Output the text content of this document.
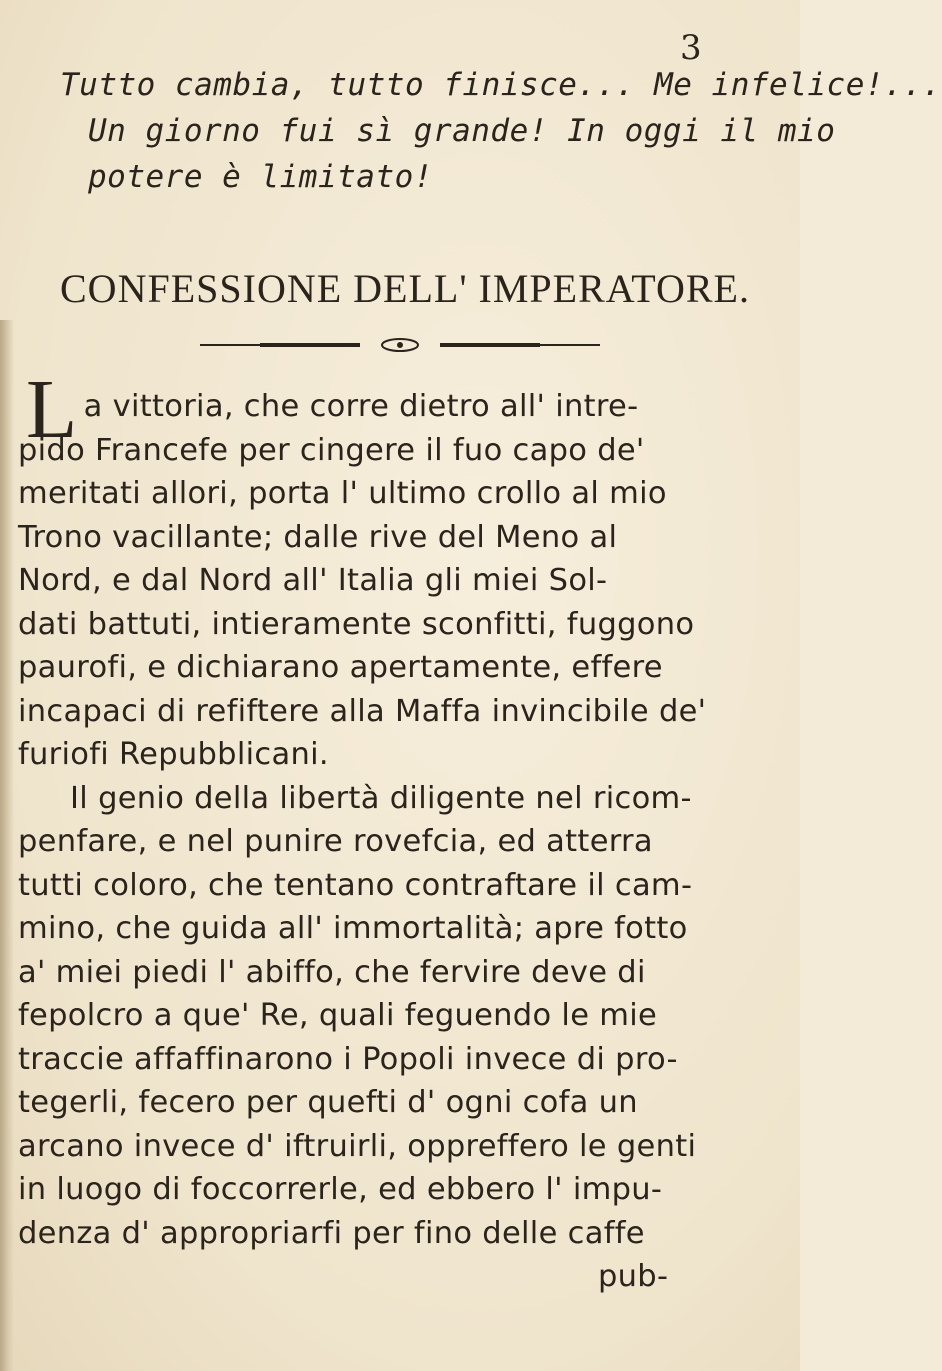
3
Tutto cambia, tutto finisce... Me infelice!...
Un giorno fui sì grande! In oggi il mio
potere è limitato!
CONFESSIONE DELL' IMPERATORE.
La vittoria, che corre dietro all' intre-
pido Francefe per cingere il fuo capo de'
meritati allori, porta l' ultimo crollo al mio
Trono vacillante; dalle rive del Meno al
Nord, e dal Nord all' Italia gli miei Sol-
dati battuti, intieramente sconfitti, fuggono
paurofi, e dichiarano apertamente, effere
incapaci di refiftere alla Maffa invincibile de'
furiofi Repubblicani.
Il genio della libertà diligente nel ricom-
penfare, e nel punire rovefcia, ed atterra
tutti coloro, che tentano contraftare il cam-
mino, che guida all' immortalità; apre fotto
a' miei piedi l' abiffo, che fervire deve di
fepolcro a que' Re, quali feguendo le mie
traccie affaffinarono i Popoli invece di pro-
tegerli, fecero per quefti d' ogni cofa un
arcano invece d' iftruirli, oppreffero le genti
in luogo di foccorrerle, ed ebbero l' impu-
denza d' appropriarfi per fino delle caffe
pub-
